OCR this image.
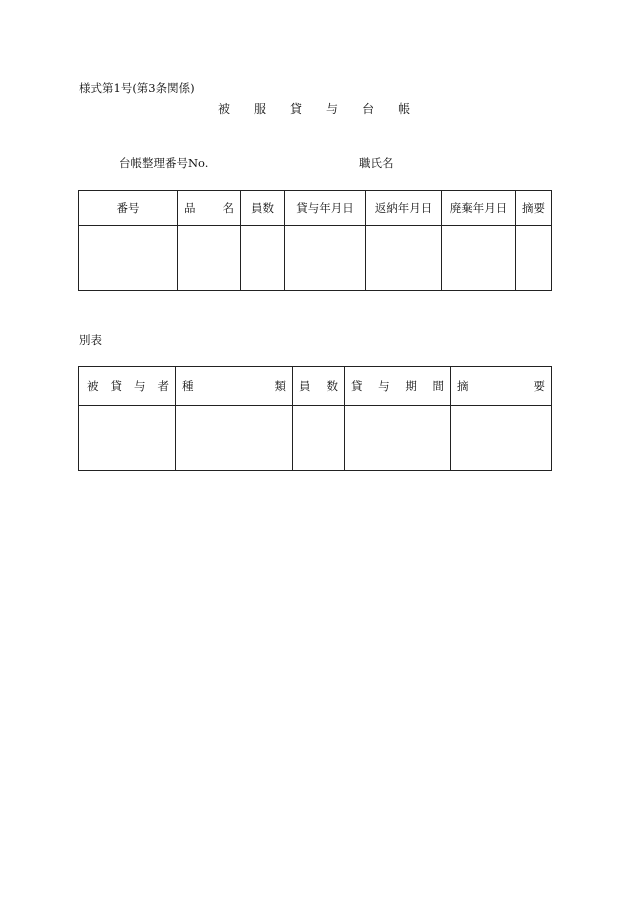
様式第1号(第3条関係)
被 服 貸 与 台 帳
台帳整理番号No.	職氏名
番号	品 名	員数	貸与年月日	返納年月日	廃棄年月日	摘要

別表
被 貸 与 者	種 類	員 数	貸 与 期 間	摘 要
